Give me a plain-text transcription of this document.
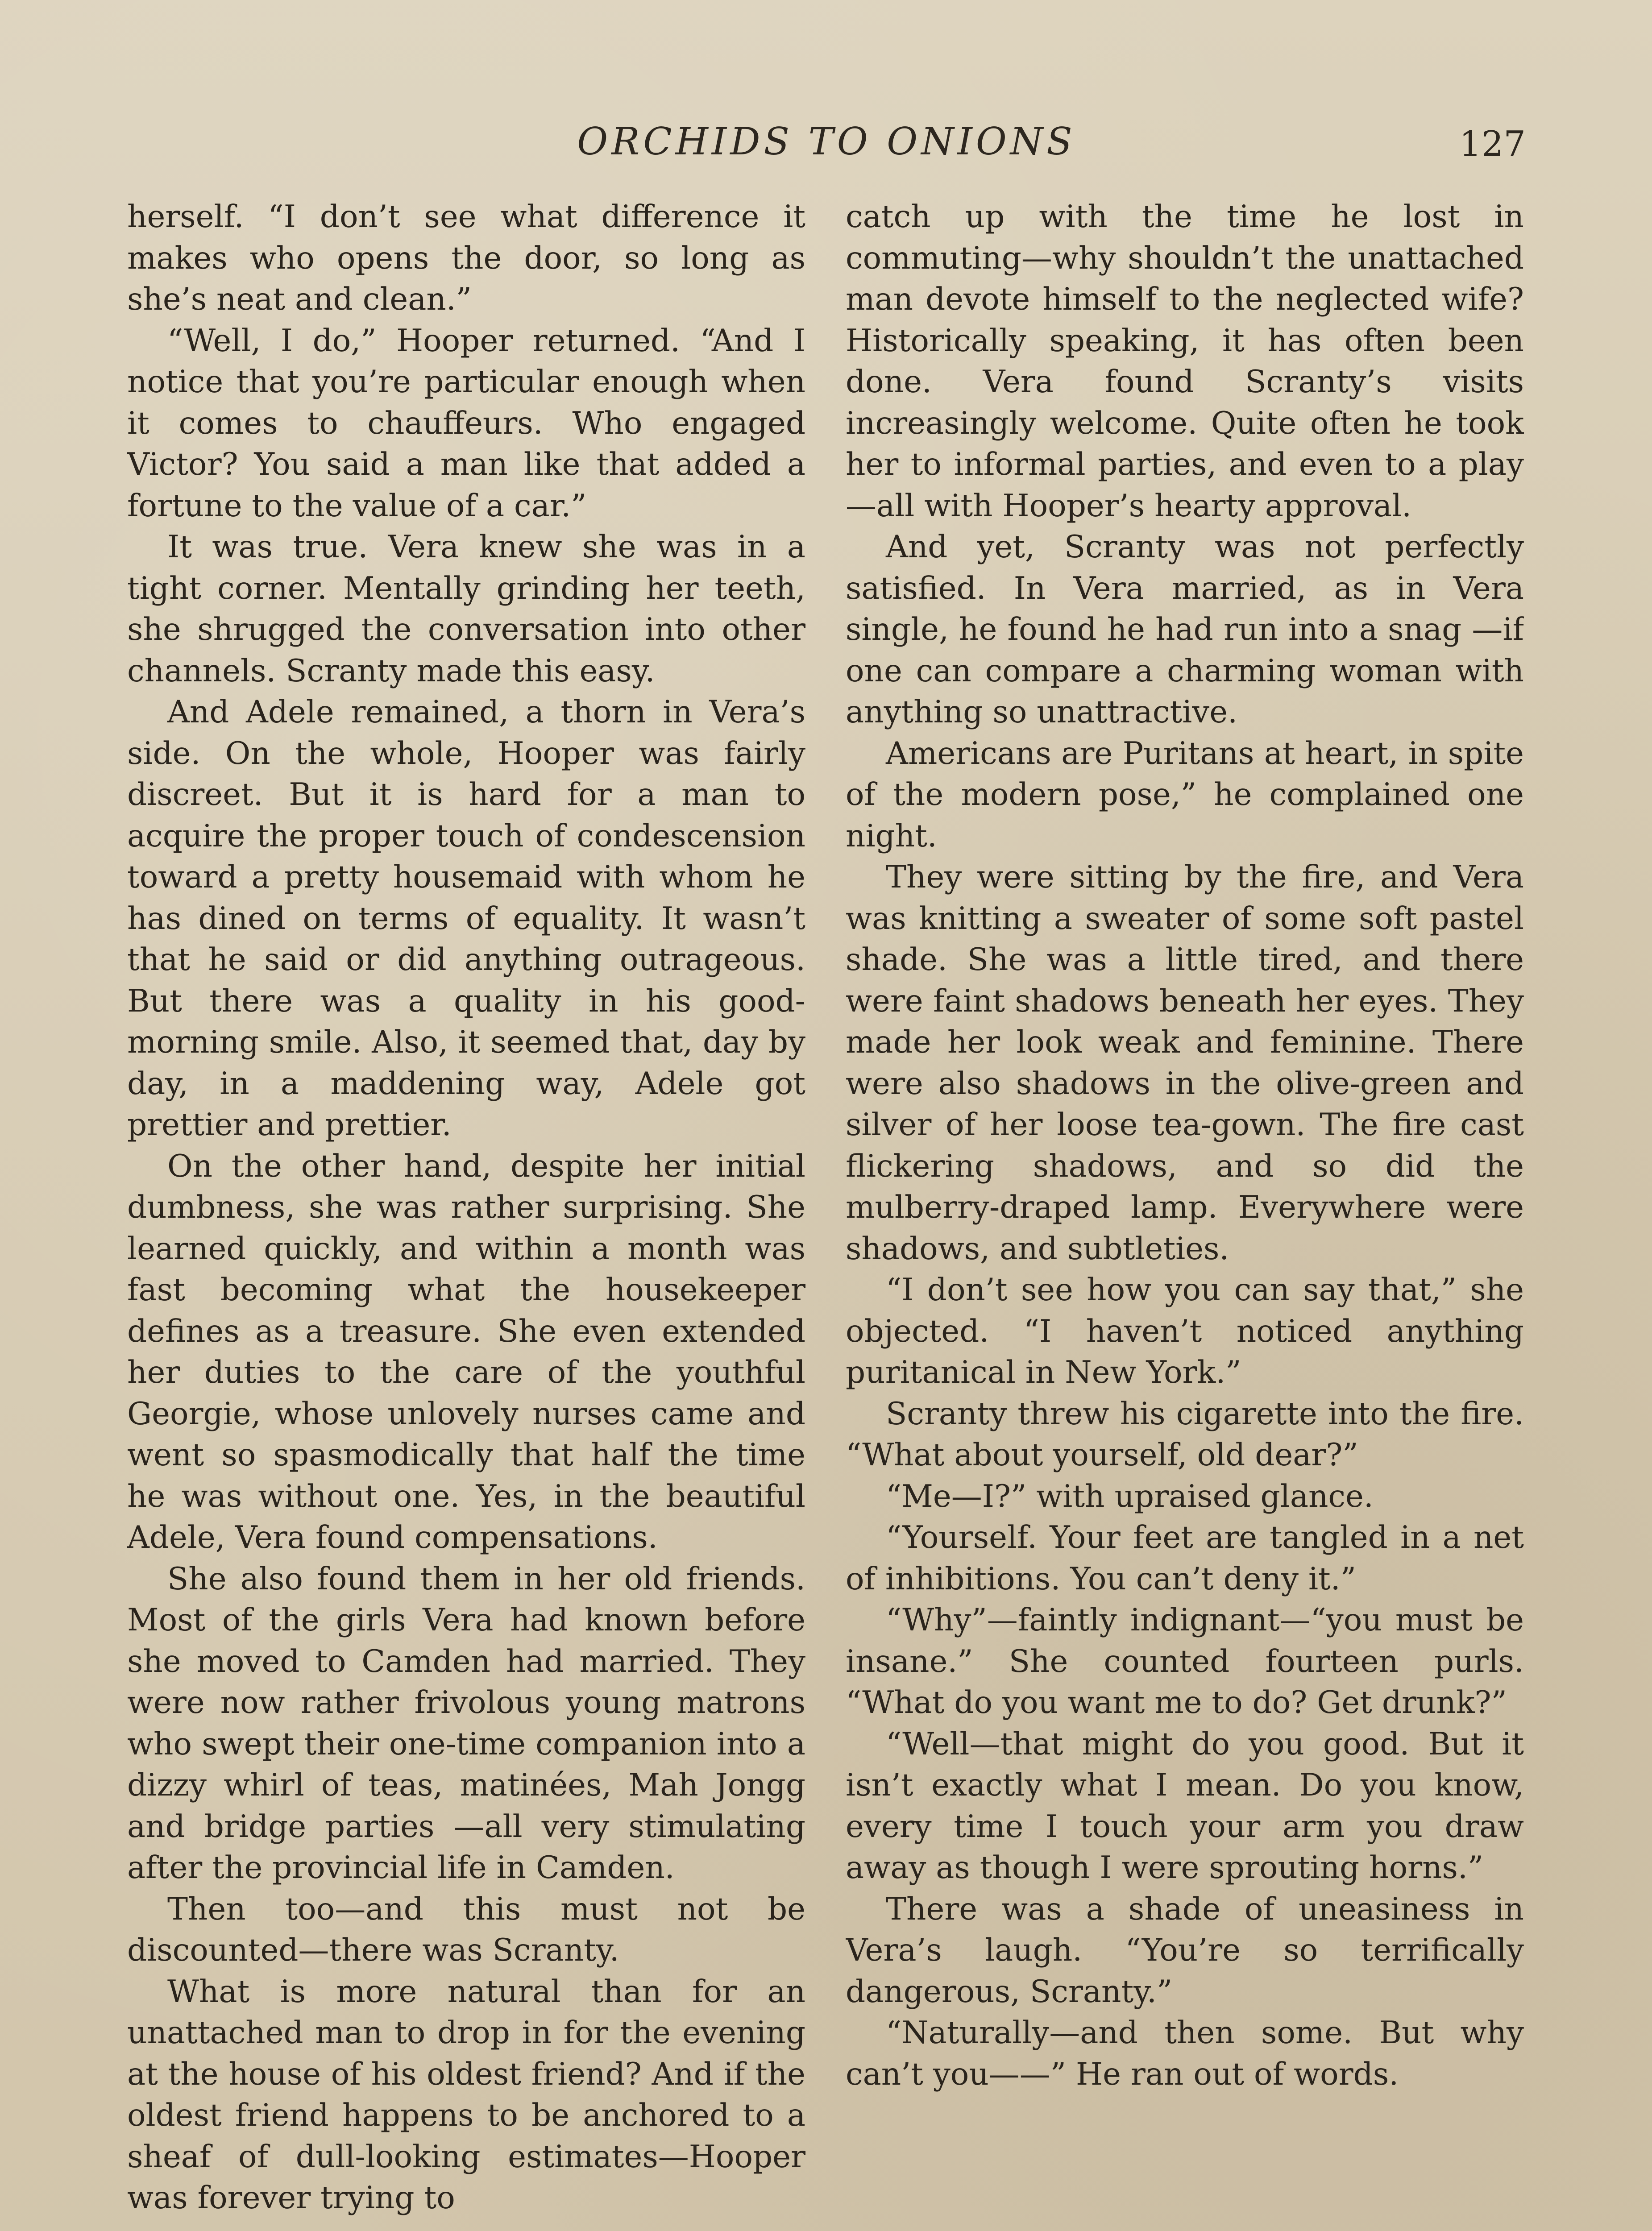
ORCHIDS TO ONIONS	127

herself. “I don’t see what difference it makes who opens the door, so long as she’s neat and clean.”

“Well, I do,” Hooper returned. “And I notice that you’re particular enough when it comes to chauffeurs. Who engaged Victor? You said a man like that added a fortune to the value of a car.”

It was true. Vera knew she was in a tight corner. Mentally grinding her teeth, she shrugged the conversation into other channels. Scranty made this easy.

And Adele remained, a thorn in Vera’s side. On the whole, Hooper was fairly discreet. But it is hard for a man to acquire the proper touch of condescension toward a pretty housemaid with whom he has dined on terms of equality. It wasn’t that he said or did anything outrageous. But there was a quality in his good-morning smile. Also, it seemed that, day by day, in a maddening way, Adele got prettier and prettier.

On the other hand, despite her initial dumbness, she was rather surprising. She learned quickly, and within a month was fast becoming what the housekeeper defines as a treasure. She even extended her duties to the care of the youthful Georgie, whose unlovely nurses came and went so spasmodically that half the time he was without one. Yes, in the beautiful Adele, Vera found compensations.

She also found them in her old friends. Most of the girls Vera had known before she moved to Camden had married. They were now rather frivolous young matrons who swept their one-time companion into a dizzy whirl of teas, matinées, Mah Jongg and bridge parties —all very stimulating after the provincial life in Camden.

Then too—and this must not be discounted—there was Scranty.

What is more natural than for an unattached man to drop in for the evening at the house of his oldest friend? And if the oldest friend happens to be anchored to a sheaf of dull-looking estimates—Hooper was forever trying to

catch up with the time he lost in commuting—why shouldn’t the unattached man devote himself to the neglected wife? Historically speaking, it has often been done. Vera found Scranty’s visits increasingly welcome. Quite often he took her to informal parties, and even to a play—all with Hooper’s hearty approval.

And yet, Scranty was not perfectly satisfied. In Vera married, as in Vera single, he found he had run into a snag —if one can compare a charming woman with anything so unattractive.

Americans are Puritans at heart, in spite of the modern pose,” he complained one night.

They were sitting by the fire, and Vera was knitting a sweater of some soft pastel shade. She was a little tired, and there were faint shadows beneath her eyes. They made her look weak and feminine. There were also shadows in the olive-green and silver of her loose tea-gown. The fire cast flickering shadows, and so did the mulberry-draped lamp. Everywhere were shadows, and subtleties.

“I don’t see how you can say that,” she objected. “I haven’t noticed anything puritanical in New York.”

Scranty threw his cigarette into the fire. “What about yourself, old dear?”

“Me—I?” with upraised glance.

“Yourself. Your feet are tangled in a net of inhibitions. You can’t deny it.”

“Why”—faintly indignant—“you must be insane.” She counted fourteen purls. “What do you want me to do? Get drunk?”

“Well—that might do you good. But it isn’t exactly what I mean. Do you know, every time I touch your arm you draw away as though I were sprouting horns.”

There was a shade of uneasiness in Vera’s laugh. “You’re so terrifically dangerous, Scranty.”

“Naturally—and then some. But why can’t you——” He ran out of words.
